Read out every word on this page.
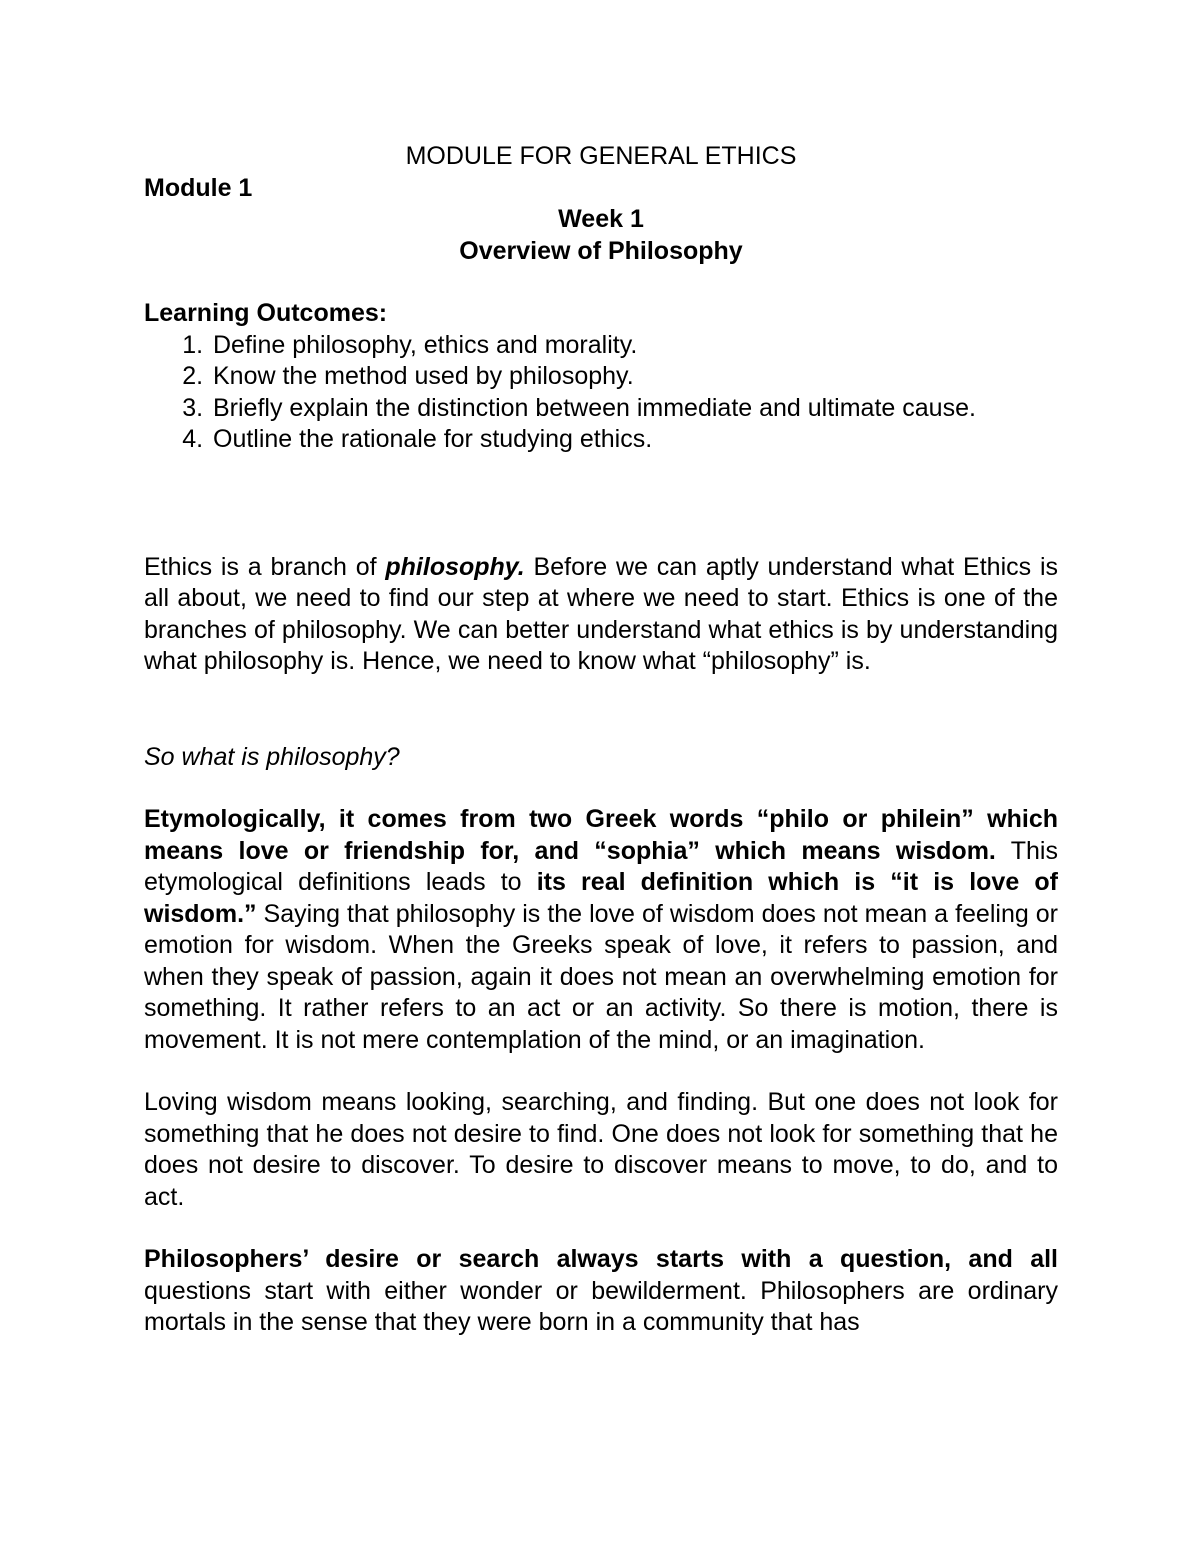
MODULE FOR GENERAL ETHICS
Module 1
Week 1
Overview of Philosophy
Learning Outcomes:
1. Define philosophy, ethics and morality.
2. Know the method used by philosophy.
3. Briefly explain the distinction between immediate and ultimate cause.
4. Outline the rationale for studying ethics.

Ethics is a branch of philosophy. Before we can aptly understand what Ethics is all about, we need to find our step at where we need to start. Ethics is one of the branches of philosophy. We can better understand what ethics is by understanding what philosophy is. Hence, we need to know what “philosophy” is.

So what is philosophy?

Etymologically, it comes from two Greek words “philo or philein” which means love or friendship for, and “sophia” which means wisdom. This etymological definitions leads to its real definition which is “it is love of wisdom.” Saying that philosophy is the love of wisdom does not mean a feeling or emotion for wisdom. When the Greeks speak of love, it refers to passion, and when they speak of passion, again it does not mean an overwhelming emotion for something. It rather refers to an act or an activity. So there is motion, there is movement. It is not mere contemplation of the mind, or an imagination.

Loving wisdom means looking, searching, and finding. But one does not look for something that he does not desire to find. One does not look for something that he does not desire to discover. To desire to discover means to move, to do, and to act.

Philosophers’ desire or search always starts with a question, and all questions start with either wonder or bewilderment. Philosophers are ordinary mortals in the sense that they were born in a community that has
